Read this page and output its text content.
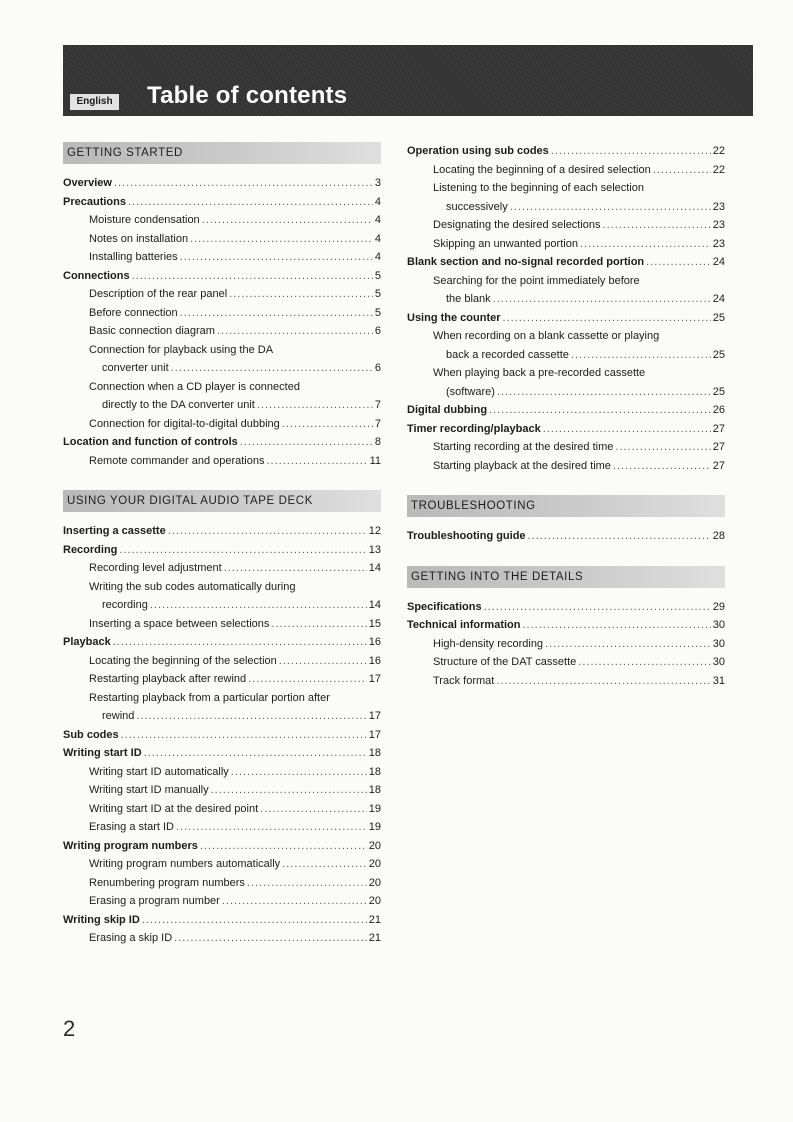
English Table of contents
GETTING STARTED
Overview .....	3
Precautions .....	4
Moisture condensation .....	4
Notes on installation .....	4
Installing batteries .....	4
Connections .....	5
Description of the rear panel .....	5
Before connection .....	5
Basic connection diagram .....	6
Connection for playback using the DA
converter unit .....	6
Connection when a CD player is connected
directly to the DA converter unit .....	7
Connection for digital-to-digital dubbing .....	7
Location and function of controls .....	8
Remote commander and operations .....	11
USING YOUR DIGITAL AUDIO TAPE DECK
Inserting a cassette .....	12
Recording .....	13
Recording level adjustment .....	14
Writing the sub codes automatically during
recording .....	14
Inserting a space between selections .....	15
Playback .....	16
Locating the beginning of the selection .....	16
Restarting playback after rewind .....	17
Restarting playback from a particular portion after
rewind .....	17
Sub codes .....	17
Writing start ID .....	18
Writing start ID automatically .....	18
Writing start ID manually .....	18
Writing start ID at the desired point .....	19
Erasing a start ID .....	19
Writing program numbers .....	20
Writing program numbers automatically .....	20
Renumbering program numbers .....	20
Erasing a program number .....	20
Writing skip ID .....	21
Erasing a skip ID .....	21
Operation using sub codes .....	22
Locating the beginning of a desired selection .....	22
Listening to the beginning of each selection
successively .....	23
Designating the desired selections .....	23
Skipping an unwanted portion .....	23
Blank section and no-signal recorded portion .....	24
Searching for the point immediately before
the blank .....	24
Using the counter .....	25
When recording on a blank cassette or playing
back a recorded cassette .....	25
When playing back a pre-recorded cassette
(software) .....	25
Digital dubbing .....	26
Timer recording/playback .....	27
Starting recording at the desired time .....	27
Starting playback at the desired time .....	27
TROUBLESHOOTING
Troubleshooting guide .....	28
GETTING INTO THE DETAILS
Specifications .....	29
Technical information .....	30
High-density recording .....	30
Structure of the DAT cassette .....	30
Track format .....	31
2
